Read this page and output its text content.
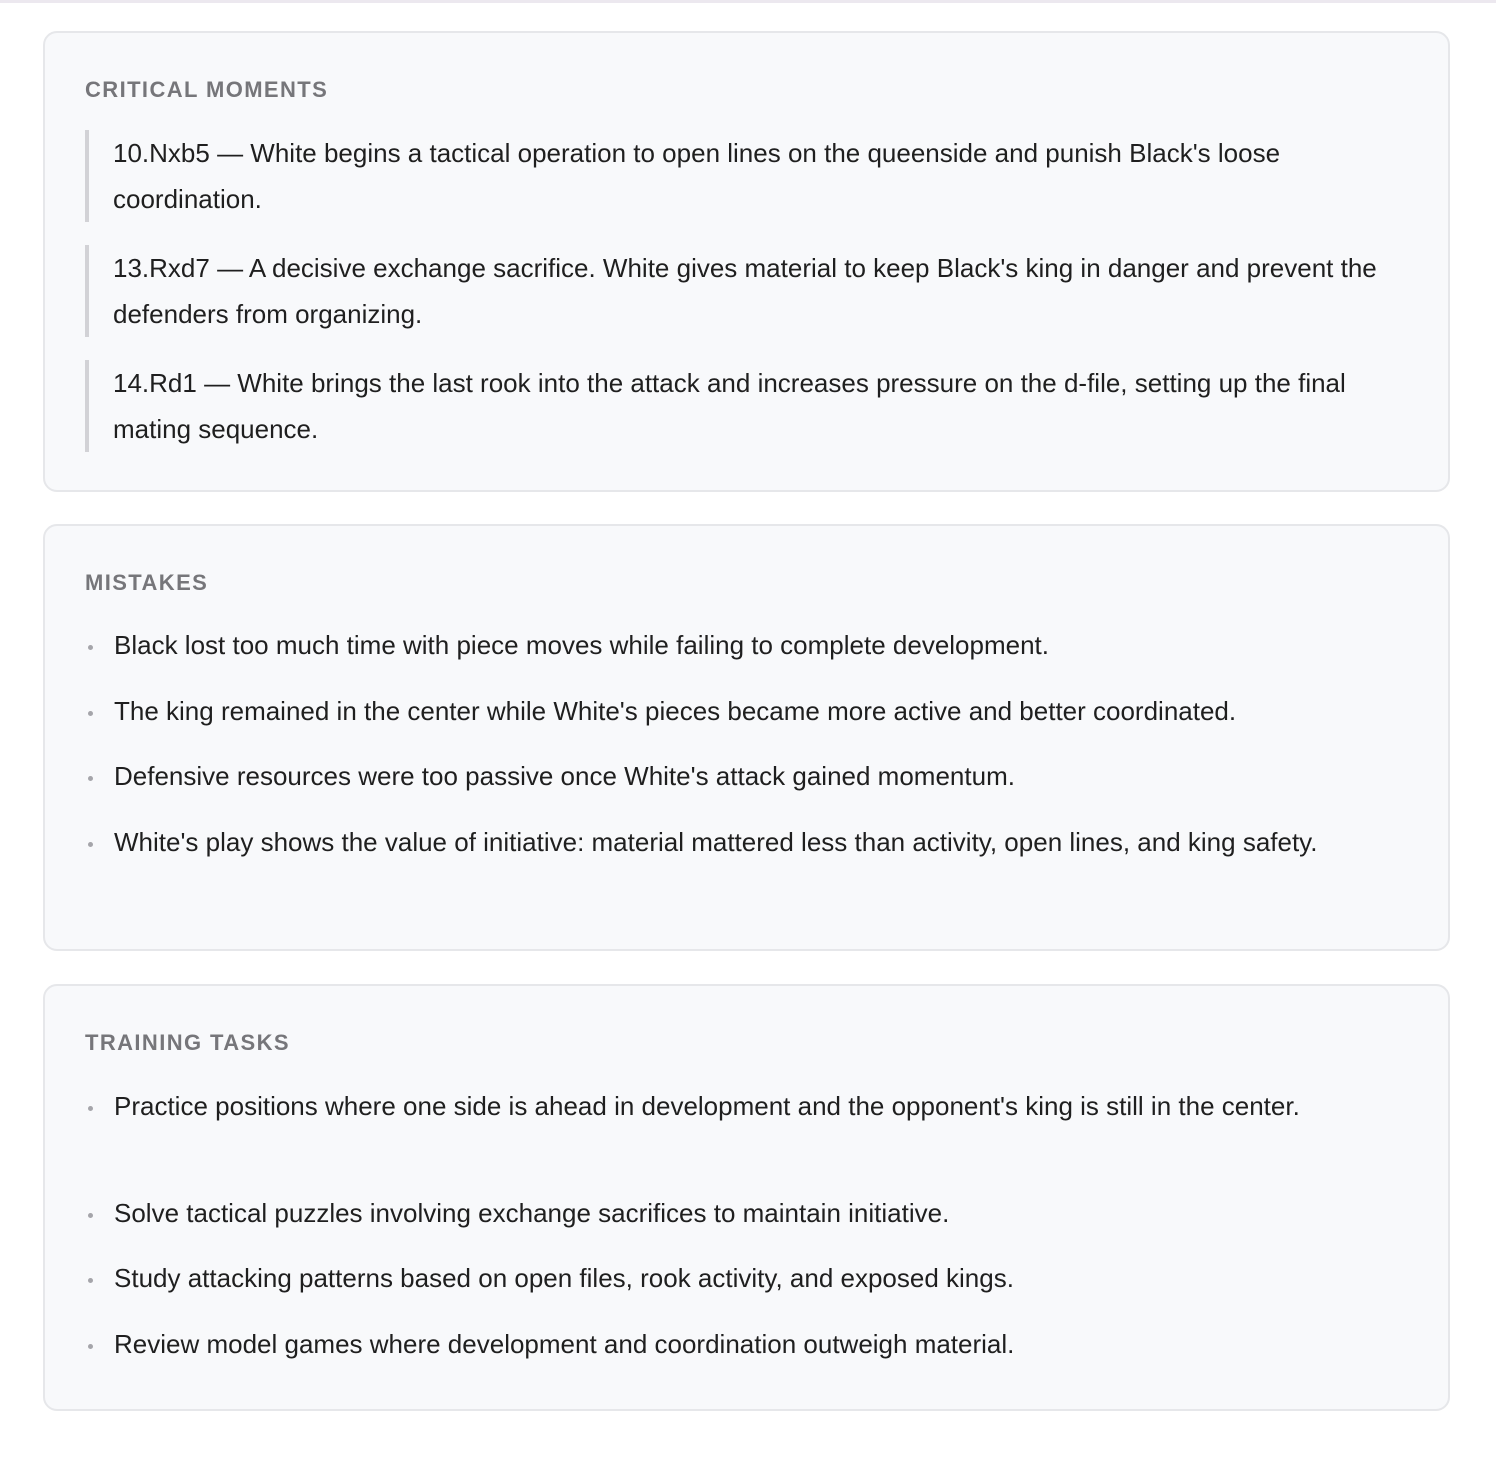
CRITICAL MOMENTS
10.Nxb5 — White begins a tactical operation to open lines on the queenside and punish Black's loose coordination.
13.Rxd7 — A decisive exchange sacrifice. White gives material to keep Black's king in danger and prevent the defenders from organizing.
14.Rd1 — White brings the last rook into the attack and increases pressure on the d-file, setting up the final mating sequence.
MISTAKES
Black lost too much time with piece moves while failing to complete development.
The king remained in the center while White's pieces became more active and better coordinated.
Defensive resources were too passive once White's attack gained momentum.
White's play shows the value of initiative: material mattered less than activity, open lines, and king safety.
TRAINING TASKS
Practice positions where one side is ahead in development and the opponent's king is still in the center.
Solve tactical puzzles involving exchange sacrifices to maintain initiative.
Study attacking patterns based on open files, rook activity, and exposed kings.
Review model games where development and coordination outweigh material.
